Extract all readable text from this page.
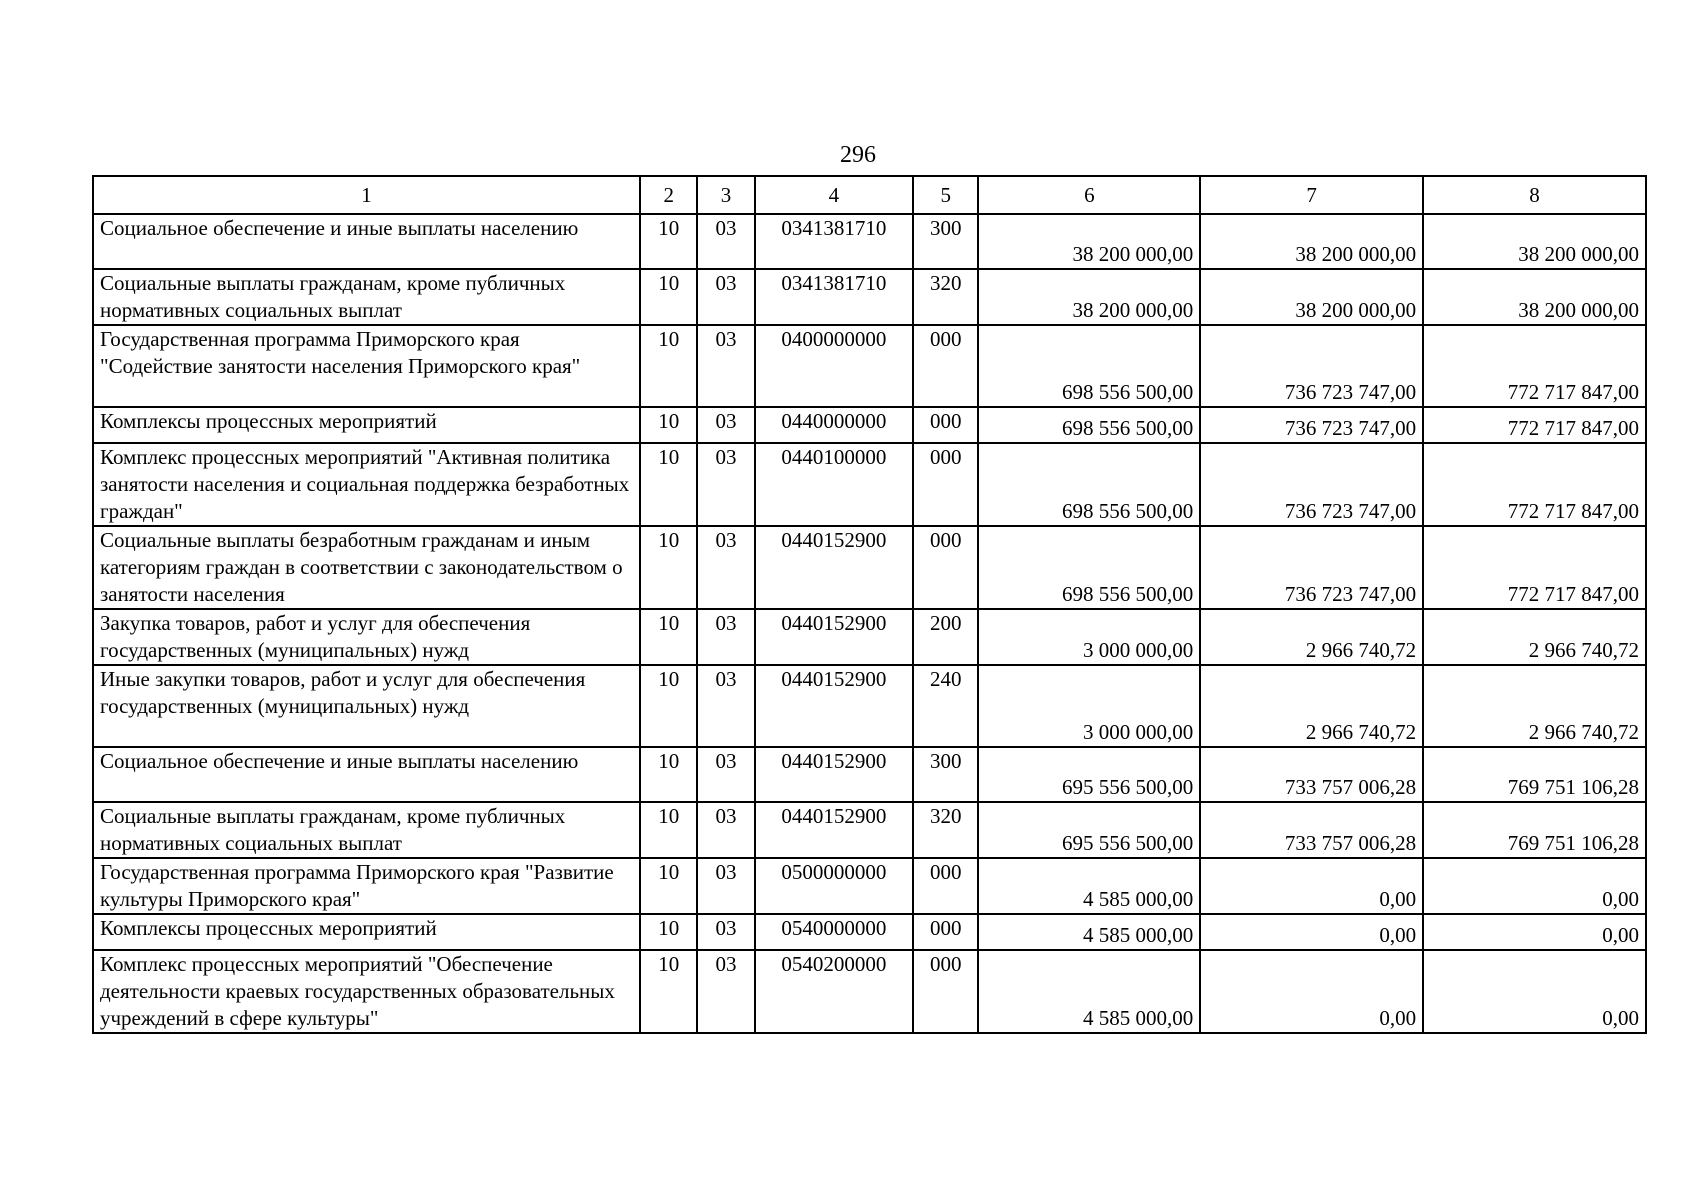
296
1	2	3	4	5	6	7	8
Социальное обеспечение и иные выплаты населению	10	03	0341381710	300	38 200 000,00	38 200 000,00	38 200 000,00
Социальные выплаты гражданам, кроме публичных нормативных социальных выплат	10	03	0341381710	320	38 200 000,00	38 200 000,00	38 200 000,00
Государственная программа Приморского края "Содействие занятости населения Приморского края"	10	03	0400000000	000	698 556 500,00	736 723 747,00	772 717 847,00
Комплексы процессных мероприятий	10	03	0440000000	000	698 556 500,00	736 723 747,00	772 717 847,00
Комплекс процессных мероприятий "Активная политика занятости населения и социальная поддержка безработных граждан"	10	03	0440100000	000	698 556 500,00	736 723 747,00	772 717 847,00
Социальные выплаты безработным гражданам и иным категориям граждан в соответствии с законодательством о занятости населения	10	03	0440152900	000	698 556 500,00	736 723 747,00	772 717 847,00
Закупка товаров, работ и услуг для обеспечения государственных (муниципальных) нужд	10	03	0440152900	200	3 000 000,00	2 966 740,72	2 966 740,72
Иные закупки товаров, работ и услуг для обеспечения государственных (муниципальных) нужд	10	03	0440152900	240	3 000 000,00	2 966 740,72	2 966 740,72
Социальное обеспечение и иные выплаты населению	10	03	0440152900	300	695 556 500,00	733 757 006,28	769 751 106,28
Социальные выплаты гражданам, кроме публичных нормативных социальных выплат	10	03	0440152900	320	695 556 500,00	733 757 006,28	769 751 106,28
Государственная программа Приморского края "Развитие культуры Приморского края"	10	03	0500000000	000	4 585 000,00	0,00	0,00
Комплексы процессных мероприятий	10	03	0540000000	000	4 585 000,00	0,00	0,00
Комплекс процессных мероприятий "Обеспечение деятельности краевых государственных образовательных учреждений в сфере культуры"	10	03	0540200000	000	4 585 000,00	0,00	0,00
